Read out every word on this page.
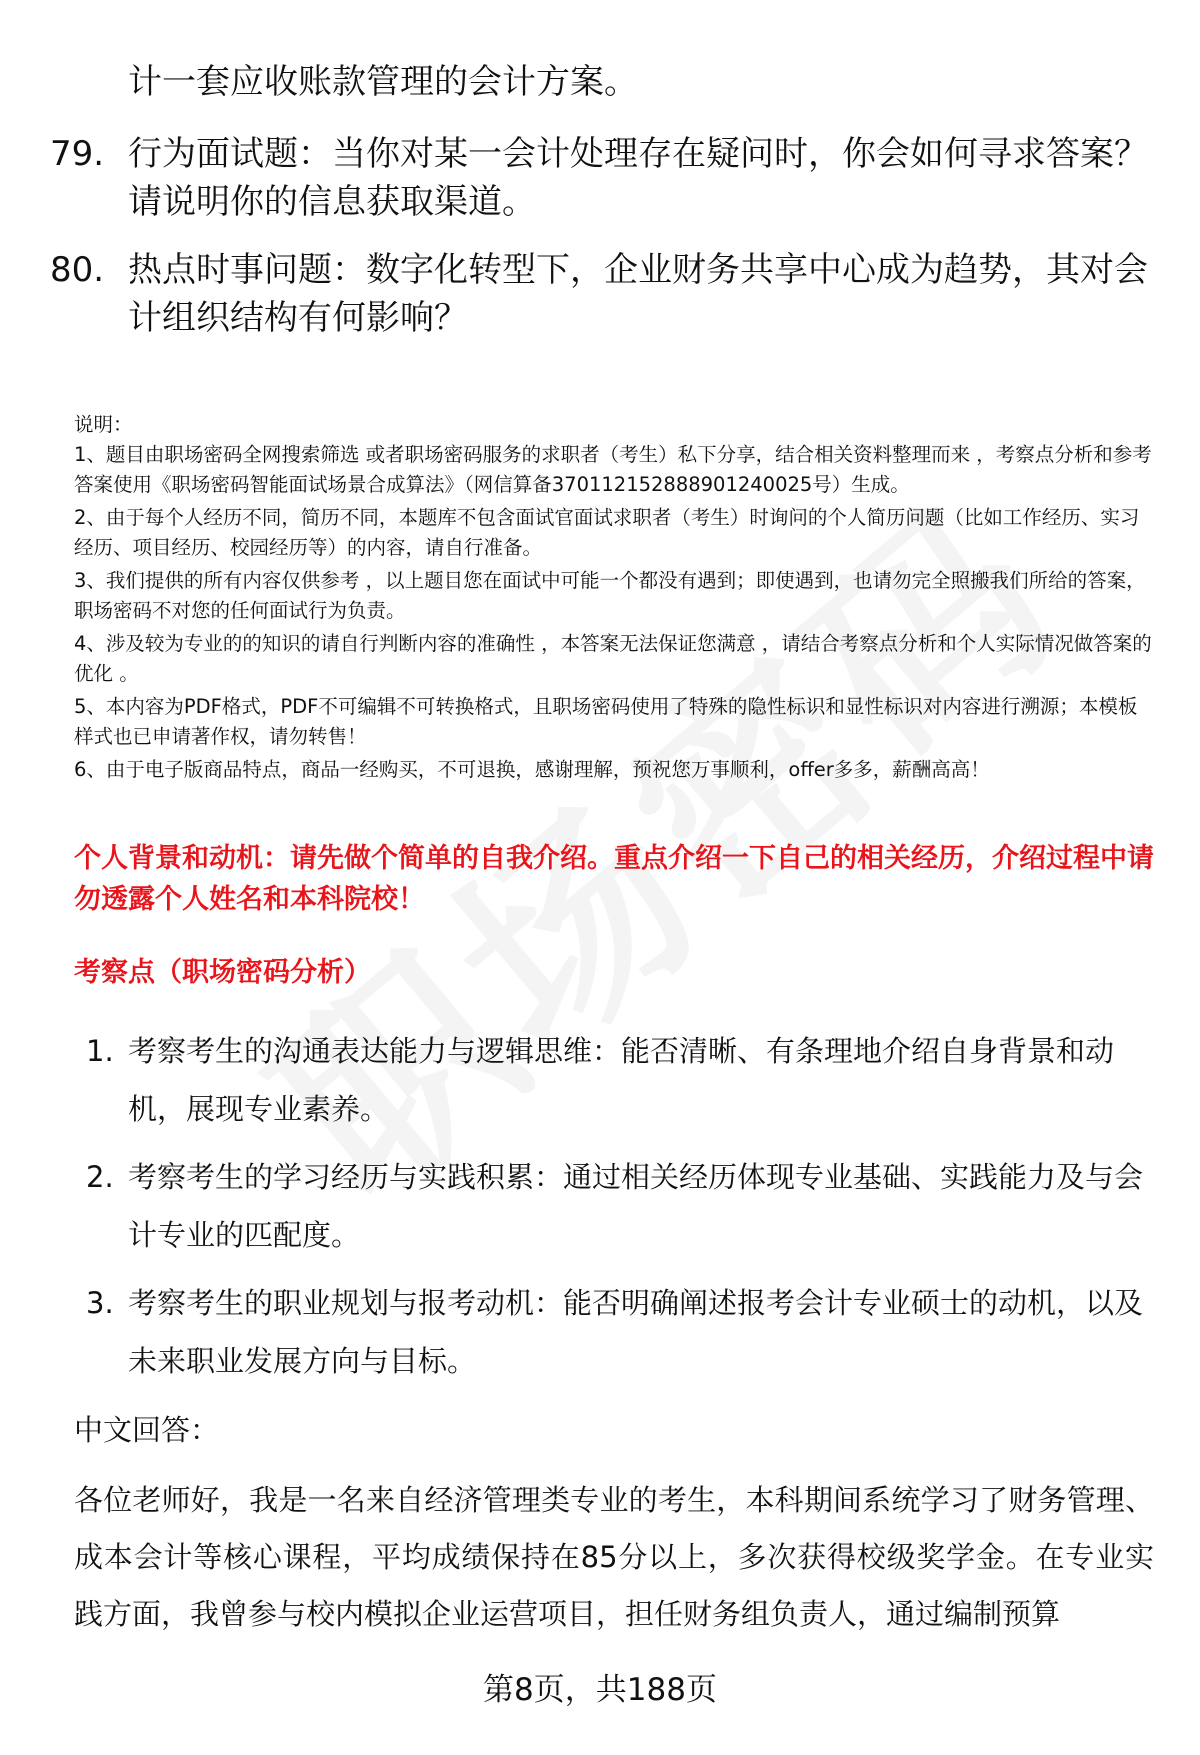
计一套应收账款管理的会计方案。

79. 行为面试题：当你对某一会计处理存在疑问时，你会如何寻求答案？请说明你的信息获取渠道。
80. 热点时事问题：数字化转型下，企业财务共享中心成为趋势，其对会计组织结构有何影响？

说明：

1、题目由职场密码全网搜索筛选 或者职场密码服务的求职者（考生）私下分享，结合相关资料整理而来 ，考察点分析和参考答案使用《职场密码智能面试场景合成算法》（网信算备370112152888901240025号）生成。

2、由于每个人经历不同，简历不同，本题库不包含面试官面试求职者（考生）时询问的个人简历问题（比如工作经历、实习经历、项目经历、校园经历等）的内容，请自行准备。

3、我们提供的所有内容仅供参考 ，以上题目您在面试中可能一个都没有遇到；即使遇到，也请勿完全照搬我们所给的答案，职场密码不对您的任何面试行为负责。

4、涉及较为专业的的知识的请自行判断内容的准确性 ，本答案无法保证您满意 ，请结合考察点分析和个人实际情况做答案的优化 。

5、本内容为PDF格式，PDF不可编辑不可转换格式，且职场密码使用了特殊的隐性标识和显性标识对内容进行溯源；本模板样式也已申请著作权，请勿转售！

6、由于电子版商品特点，商品一经购买，不可退换，感谢理解，预祝您万事顺利，offer多多，薪酬高高！

个人背景和动机：请先做个简单的自我介绍。重点介绍一下自己的相关经历，介绍过程中请勿透露个人姓名和本科院校！

考察点（职场密码分析）

1. 考察考生的沟通表达能力与逻辑思维：能否清晰、有条理地介绍自身背景和动机，展现专业素养。
2. 考察考生的学习经历与实践积累：通过相关经历体现专业基础、实践能力及与会计专业的匹配度。
3. 考察考生的职业规划与报考动机：能否明确阐述报考会计专业硕士的动机，以及未来职业发展方向与目标。
中文回答：

各位老师好，我是一名来自经济管理类专业的考生，本科期间系统学习了财务管理、成本会计等核心课程，平均成绩保持在85分以上，多次获得校级奖学金。在专业实践方面，我曾参与校内模拟企业运营项目，担任财务组负责人，通过编制预算

第8页，共188页
